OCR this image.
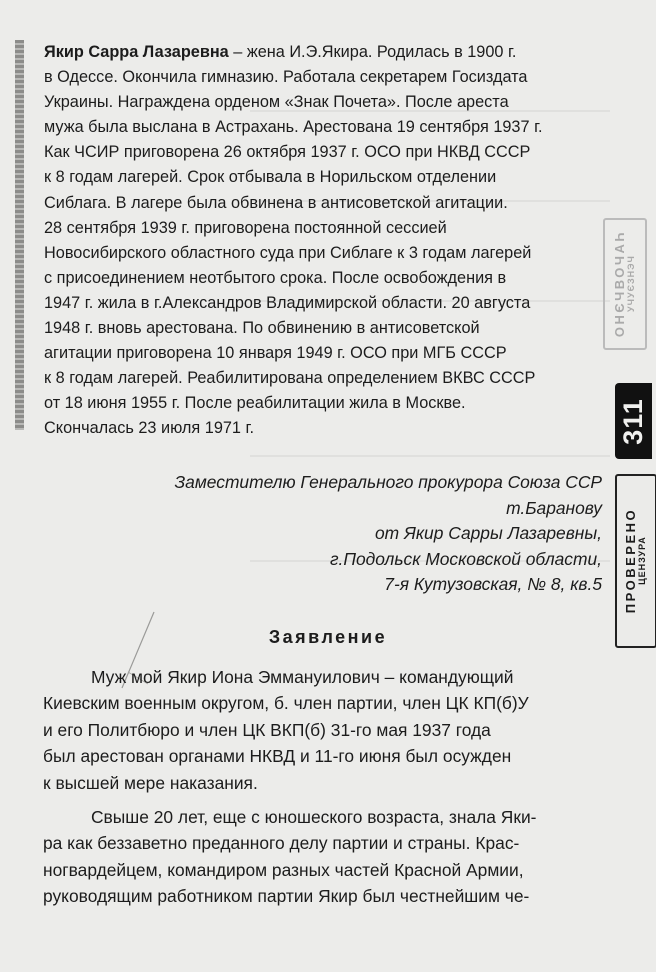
Якир Сарра Лазаревна – жена И.Э.Якира. Родилась в 1900 г.
в Одессе. Окончила гимназию. Работала секретарем Госиздата
Украины. Награждена орденом «Знак Почета». После ареста
мужа была выслана в Астрахань. Арестована 19 сентября 1937 г.
Как ЧСИР приговорена 26 октября 1937 г. ОСО при НКВД СССР
к 8 годам лагерей. Срок отбывала в Норильском отделении
Сиблага. В лагере была обвинена в антисоветской агитации.
28 сентября 1939 г. приговорена постоянной сессией
Новосибирского областного суда при Сиблаге к 3 годам лагерей
с присоединением неотбытого срока. После освобождения в
1947 г. жила в г.Александров Владимирской области. 20 августа
1948 г. вновь арестована. По обвинению в антисоветской
агитации приговорена 10 января 1949 г. ОСО при МГБ СССР
к 8 годам лагерей. Реабилитирована определением ВКВС СССР
от 18 июня 1955 г. После реабилитации жила в Москве.
Скончалась 23 июля 1971 г.

Заместителю Генерального прокурора Союза ССР
т.Баранову
от Якир Сарры Лазаревны,
г.Подольск Московской области,
7-я Кутузовская, № 8, кв.5

Заявление

Муж мой Якир Иона Эммануилович – командующий
Киевским военным округом, б. член партии, член ЦК КП(б)У
и его Политбюро и член ЦК ВКП(б) 31-го мая 1937 года
был арестован органами НКВД и 11-го июня был осужден
к высшей мере наказания.
Свыше 20 лет, еще с юношеского возраста, знала Яки-
ра как беззаветно преданного делу партии и страны. Крас-
ногвардейцем, командиром разных частей Красной Армии,
руководящим работником партии Якир был честнейшим че-

ОНЄЧВОЧАҺ
УЧУЄЗНЭЧ
311
ПРОВЕРЕНО
ЦЕНЗУРА
